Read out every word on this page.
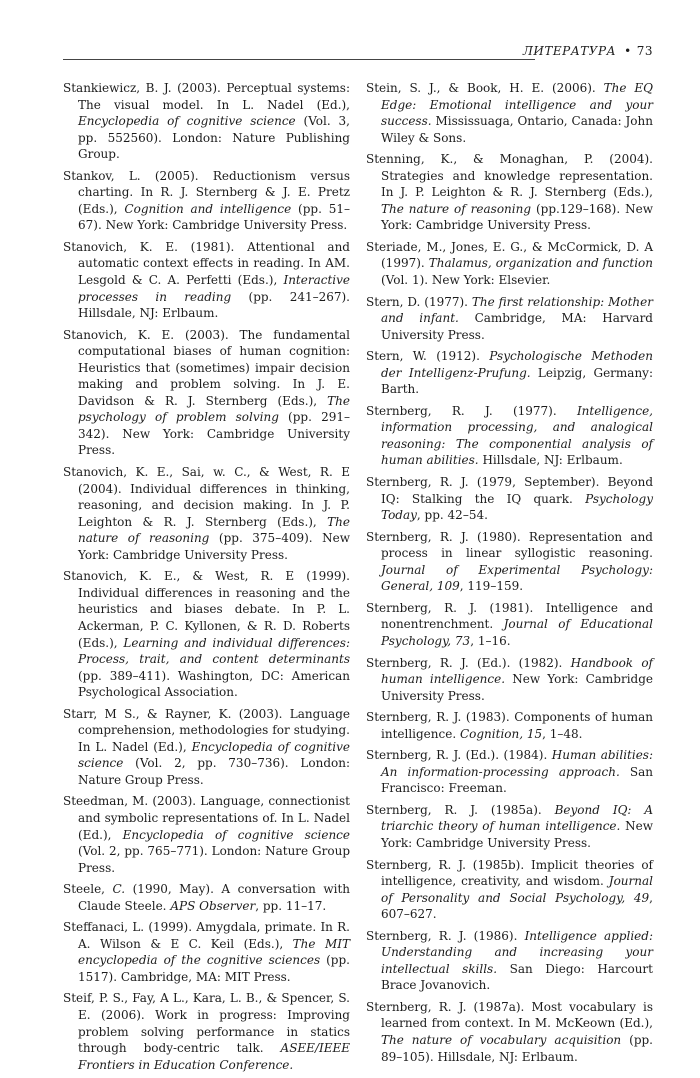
ЛИТЕРАТУРА • 73

Stankiewicz, B. J. (2003). Perceptual systems: The visual model. In L. Nadel (Ed.), Encyclopedia of cognitive science (Vol. 3, pp. 552560). London: Nature Publishing Group.

Stankov, L. (2005). Reductionism versus charting. In R. J. Sternberg & J. E. Pretz (Eds.), Cognition and intelligence (pp. 51–67). New York: Cambridge University Press.

Stanovich, K. E. (1981). Attentional and automatic context effects in reading. In AM. Lesgold & C. A. Perfetti (Eds.), Interactive processes in reading (pp. 241–267). Hillsdale, NJ: Erlbaum.

Stanovich, K. E. (2003). The fundamental computational biases of human cognition: Heuristics that (sometimes) impair decision making and problem solving. In J. E. Davidson & R. J. Sternberg (Eds.), The psychology of problem solving (pp. 291–342). New York: Cambridge University Press.

Stanovich, K. E., Sai, w. C., & West, R. E (2004). Individual differences in thinking, reasoning, and decision making. In J. P. Leighton & R. J. Sternberg (Eds.), The nature of reasoning (pp. 375–409). New York: Cambridge University Press.

Stanovich, K. E., & West, R. E (1999). Individual differences in reasoning and the heuristics and biases debate. In P. L. Ackerman, P. C. Kyllonen, & R. D. Roberts (Eds.), Learning and individual differences: Process, trait, and content determinants (pp. 389–411). Washington, DC: American Psychological Association.

Starr, M S., & Rayner, K. (2003). Language comprehension, methodologies for studying. In L. Nadel (Ed.), Encyclopedia of cognitive science (Vol. 2, pp. 730–736). London: Nature Group Press.

Steedman, M. (2003). Language, connectionist and symbolic representations of. In L. Nadel (Ed.), Encyclopedia of cognitive science (Vol. 2, pp. 765–771). London: Nature Group Press.

Steele, C. (1990, May). A conversation with Claude Steele. APS Observer, pp. 11–17.

Steffanaci, L. (1999). Amygdala, primate. In R. A. Wilson & E C. Keil (Eds.), The MIT encyclopedia of the cognitive sciences (pp. 1517). Cambridge, MA: MIT Press.

Steif, P. S., Fay, A L., Kara, L. B., & Spencer, S. E. (2006). Work in progress: Improving problem solving performance in statics through body-centric talk. ASEE/IEEE Frontiers in Education Conference.

Stein, S. J., & Book, H. E. (2006). The EQ Edge: Emotional intelligence and your success. Mississuaga, Ontario, Canada: John Wiley & Sons.

Stenning, K., & Monaghan, P. (2004). Strategies and knowledge representation. In J. P. Leighton & R. J. Sternberg (Eds.), The nature of reasoning (pp.129–168). New York: Cambridge University Press.

Steriade, M., Jones, E. G., & McCormick, D. A (1997). Thalamus, organization and function (Vol. 1). New York: Elsevier.

Stern, D. (1977). The first relationship: Mother and infant. Cambridge, MA: Harvard University Press.

Stern, W. (1912). Psychologische Methoden der Intelligenz-Prufung. Leipzig, Germany: Barth.

Sternberg, R. J. (1977). Intelligence, information processing, and analogical reasoning: The componential analysis of human abilities. Hillsdale, NJ: Erlbaum.

Sternberg, R. J. (1979, September). Beyond IQ: Stalking the IQ quark. Psychology Today, pp. 42–54.

Sternberg, R. J. (1980). Representation and process in linear syllogistic reasoning. Journal of Experimental Psychology: General, 109, 119–159.

Sternberg, R. J. (1981). Intelligence and nonentrenchment. Journal of Educational Psychology, 73, 1–16.

Sternberg, R. J. (Ed.). (1982). Handbook of human intelligence. New York: Cambridge University Press.

Sternberg, R. J. (1983). Components of human intelligence. Cognition, 15, 1–48.

Sternberg, R. J. (Ed.). (1984). Human abilities: An information-processing approach. San Francisco: Freeman.

Sternberg, R. J. (1985a). Beyond IQ: A triarchic theory of human intelligence. New York: Cambridge University Press.

Sternberg, R. J. (1985b). Implicit theories of intelligence, creativity, and wisdom. Journal of Personality and Social Psychology, 49, 607–627.

Sternberg, R. J. (1986). Intelligence applied: Understanding and increasing your intellectual skills. San Diego: Harcourt Brace Jovanovich.

Sternberg, R. J. (1987a). Most vocabulary is learned from context. In M. McKeown (Ed.), The nature of vocabulary acquisition (pp. 89–105). Hillsdale, NJ: Erlbaum.
